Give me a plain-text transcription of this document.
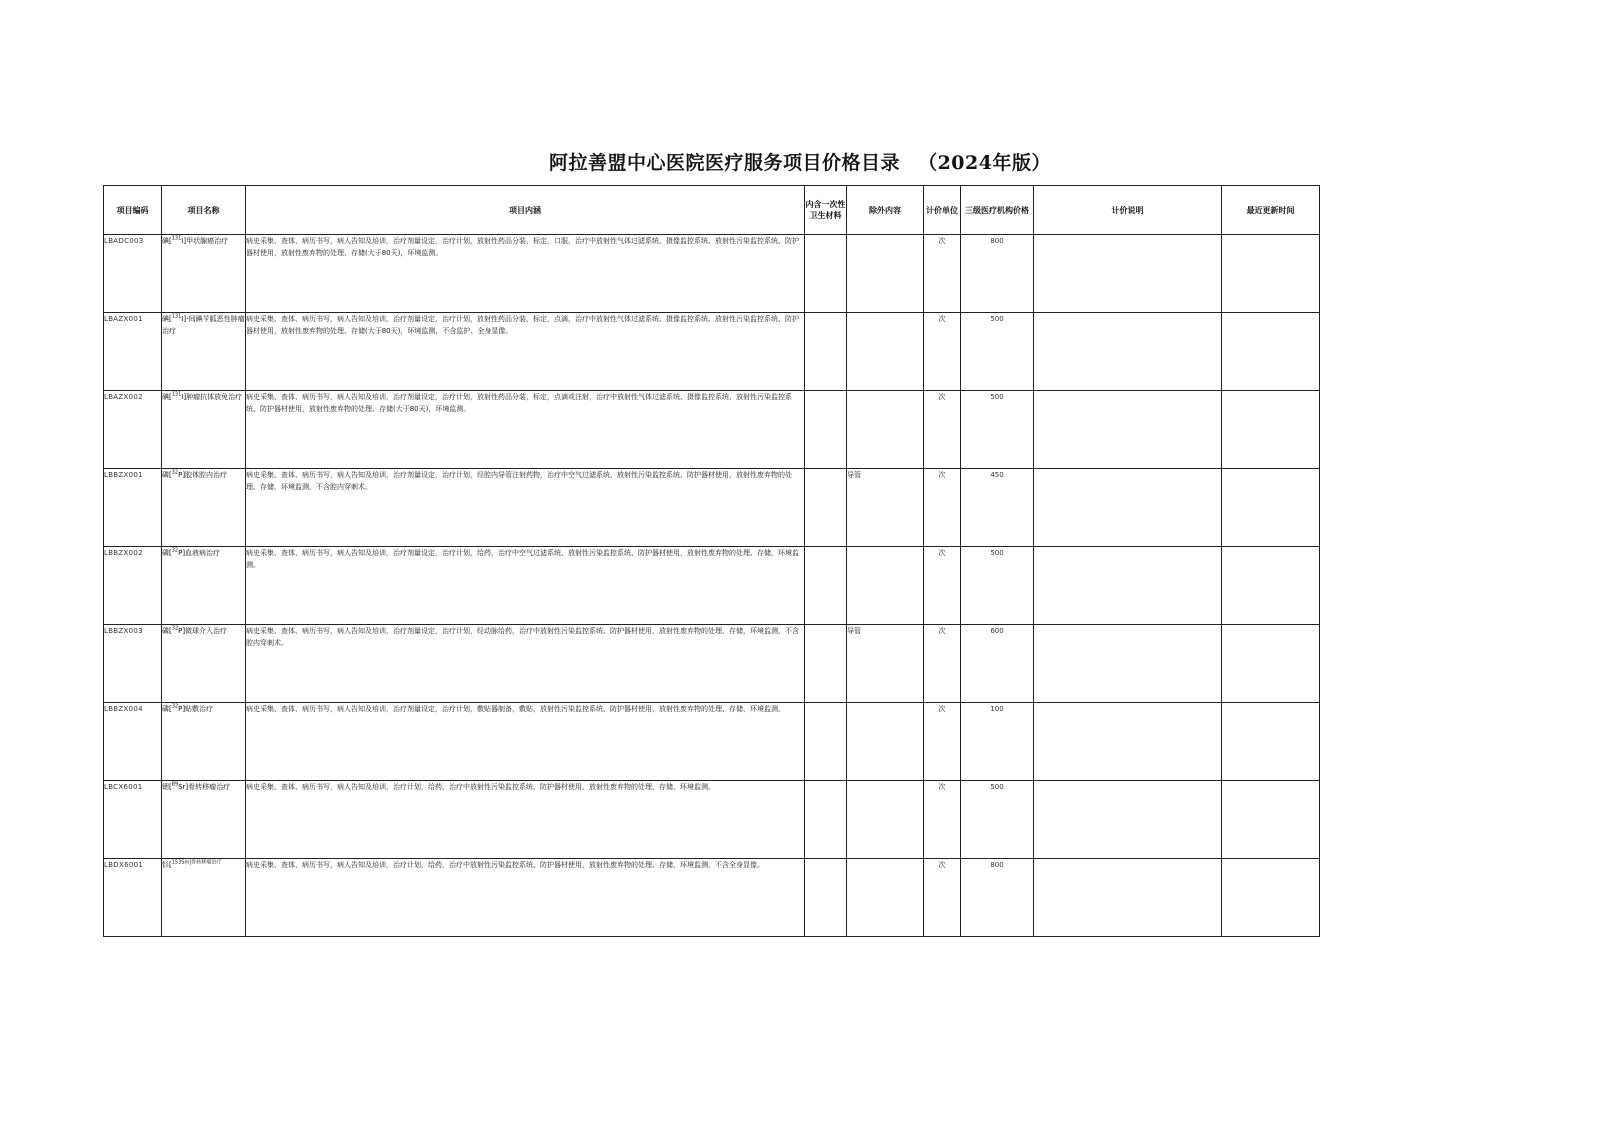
阿拉善盟中心医院医疗服务项目价格目录 （2024年版）
项目编码	项目名称	项目内涵	内含一次性卫生材料	除外内容	计价单位	三级医疗机构价格	计价说明	最近更新时间
LBADC003	碘[$^{131}$I]甲状腺癌治疗	病史采集、查体、病历书写，病人告知及培训，治疗剂量设定，治疗计划，放射性药品分装，标定，口服，治疗中放射性气体过滤系统、摄像监控系统、放射性污染监控系统、防护器材使用，放射性废弃物的处理、存储(大于80天)，环境监测。			次	800		
LBAZX001	碘[$^{131}$I]-间碘苄胍恶性肿瘤治疗	病史采集、查体、病历书写，病人告知及培训，治疗剂量设定，治疗计划，放射性药品分装，标定，点滴，治疗中放射性气体过滤系统、摄像监控系统、放射性污染监控系统、防护器材使用，放射性废弃物的处理、存储(大于80天)，环境监测，不含监护、全身显像。			次	500		
LBAZX002	碘[$^{131}$I]肿瘤抗体放免治疗	病史采集、查体、病历书写，病人告知及培训，治疗剂量设定，治疗计划，放射性药品分装，标定，点滴或注射，治疗中放射性气体过滤系统、摄像监控系统、放射性污染监控系统、防护器材使用，放射性废弃物的处理、存储(大于80天)，环境监测。			次	500		
LBBZX001	磷[$^{32}$P]胶体腔内治疗	病史采集、查体、病历书写，病人告知及培训，治疗剂量设定，治疗计划，经腔内导管注射药物，治疗中空气过滤系统、放射性污染监控系统、防护器材使用，放射性废弃物的处理、存储，环境监测，不含腔内穿刺术。		导管	次	450		
LBBZX002	磷[$^{32}$P]血液病治疗	病史采集、查体、病历书写，病人告知及培训，治疗剂量设定，治疗计划，给药，治疗中空气过滤系统、放射性污染监控系统、防护器材使用，放射性废弃物的处理、存储，环境监测。			次	500		
LBBZX003	磷[$^{32}$P]微球介入治疗	病史采集、查体、病历书写，病人告知及培训，治疗剂量设定，治疗计划，经动脉给药，治疗中放射性污染监控系统、防护器材使用，放射性废弃物的处理、存储，环境监测，不含腔内穿刺术。		导管	次	600		
LBBZX004	磷[$^{32}$P]贴敷治疗	病史采集、查体、病历书写，病人告知及培训，治疗剂量设定，治疗计划，敷贴器制备，敷贴，放射性污染监控系统、防护器材使用，放射性废弃物的处理、存储，环境监测。			次	100		
LBCX6001	锶[$^{89}$Sr]骨转移瘤治疗	病史采集、查体、病历书写，病人告知及培训，治疗计划，给药，治疗中放射性污染监控系统、防护器材使用，放射性废弃物的处理、存储，环境监测。			次	500		
LBDX6001	钐[$^{153Sm]骨转移瘤治疗}$	病史采集、查体、病历书写，病人告知及培训，治疗计划，给药，治疗中放射性污染监控系统、防护器材使用，放射性废弃物的处理、存储，环境监测，不含全身显像。			次	800		
